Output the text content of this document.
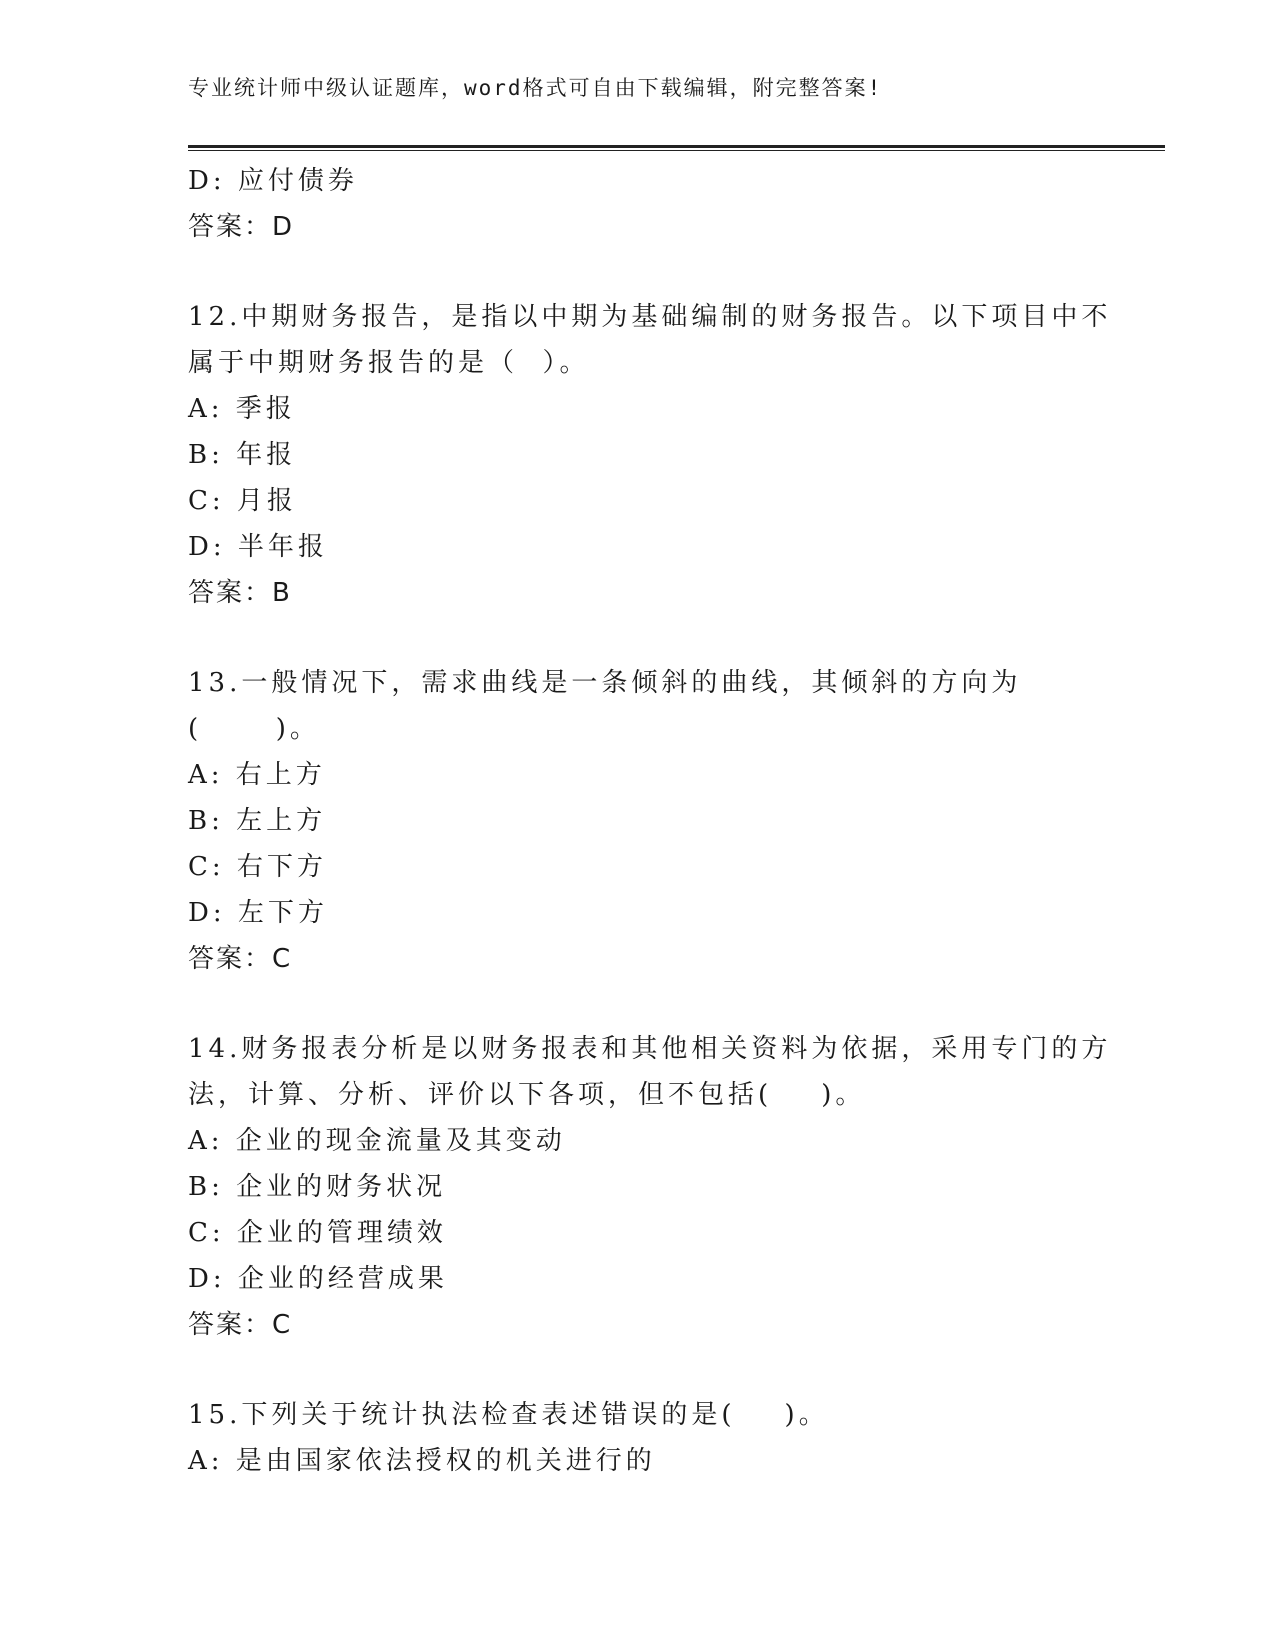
专业统计师中级认证题库，word格式可自由下载编辑，附完整答案!
D: 应付债券
答案：D
12.中期财务报告，是指以中期为基础编制的财务报告。以下项目中不
属于中期财务报告的是（  ）。
A: 季报
B: 年报
C: 月报
D: 半年报
答案：B
13.一般情况下，需求曲线是一条倾斜的曲线，其倾斜的方向为
(      )。
A: 右上方
B: 左上方
C: 右下方
D: 左下方
答案：C
14.财务报表分析是以财务报表和其他相关资料为依据，采用专门的方
法，计算、分析、评价以下各项，但不包括(    )。
A: 企业的现金流量及其变动
B: 企业的财务状况
C: 企业的管理绩效
D: 企业的经营成果
答案：C
15.下列关于统计执法检查表述错误的是(    )。
A: 是由国家依法授权的机关进行的
